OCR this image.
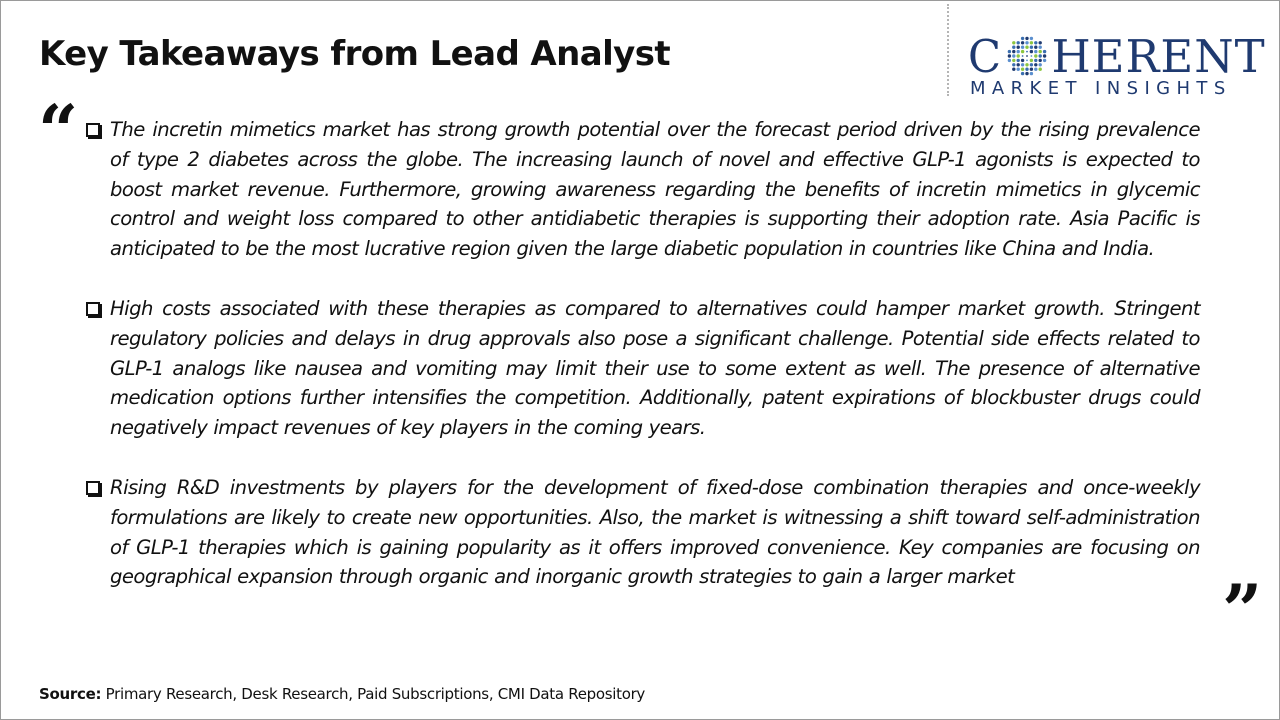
Key Takeaways from Lead Analyst	C HERENT
MARKET INSIGHTS
“
”
The incretin mimetics market has strong growth potential over the forecast period driven by the rising prevalence of type 2 diabetes across the globe. The increasing launch of novel and effective GLP-1 agonists is expected to boost market revenue. Furthermore, growing awareness regarding the benefits of incretin mimetics in glycemic control and weight loss compared to other antidiabetic therapies is supporting their adoption rate. Asia Pacific is anticipated to be the most lucrative region given the large diabetic population in countries like China and India.
High costs associated with these therapies as compared to alternatives could hamper market growth. Stringent regulatory policies and delays in drug approvals also pose a significant challenge. Potential side effects related to GLP-1 analogs like nausea and vomiting may limit their use to some extent as well. The presence of alternative medication options further intensifies the competition. Additionally, patent expirations of blockbuster drugs could negatively impact revenues of key players in the coming years.
Rising R&D investments by players for the development of fixed-dose combination therapies and once-weekly formulations are likely to create new opportunities. Also, the market is witnessing a shift toward self-administration of GLP-1 therapies which is gaining popularity as it offers improved convenience. Key companies are focusing on geographical expansion through organic and inorganic growth strategies to gain a larger market
Source: Primary Research, Desk Research, Paid Subscriptions, CMI Data Repository
